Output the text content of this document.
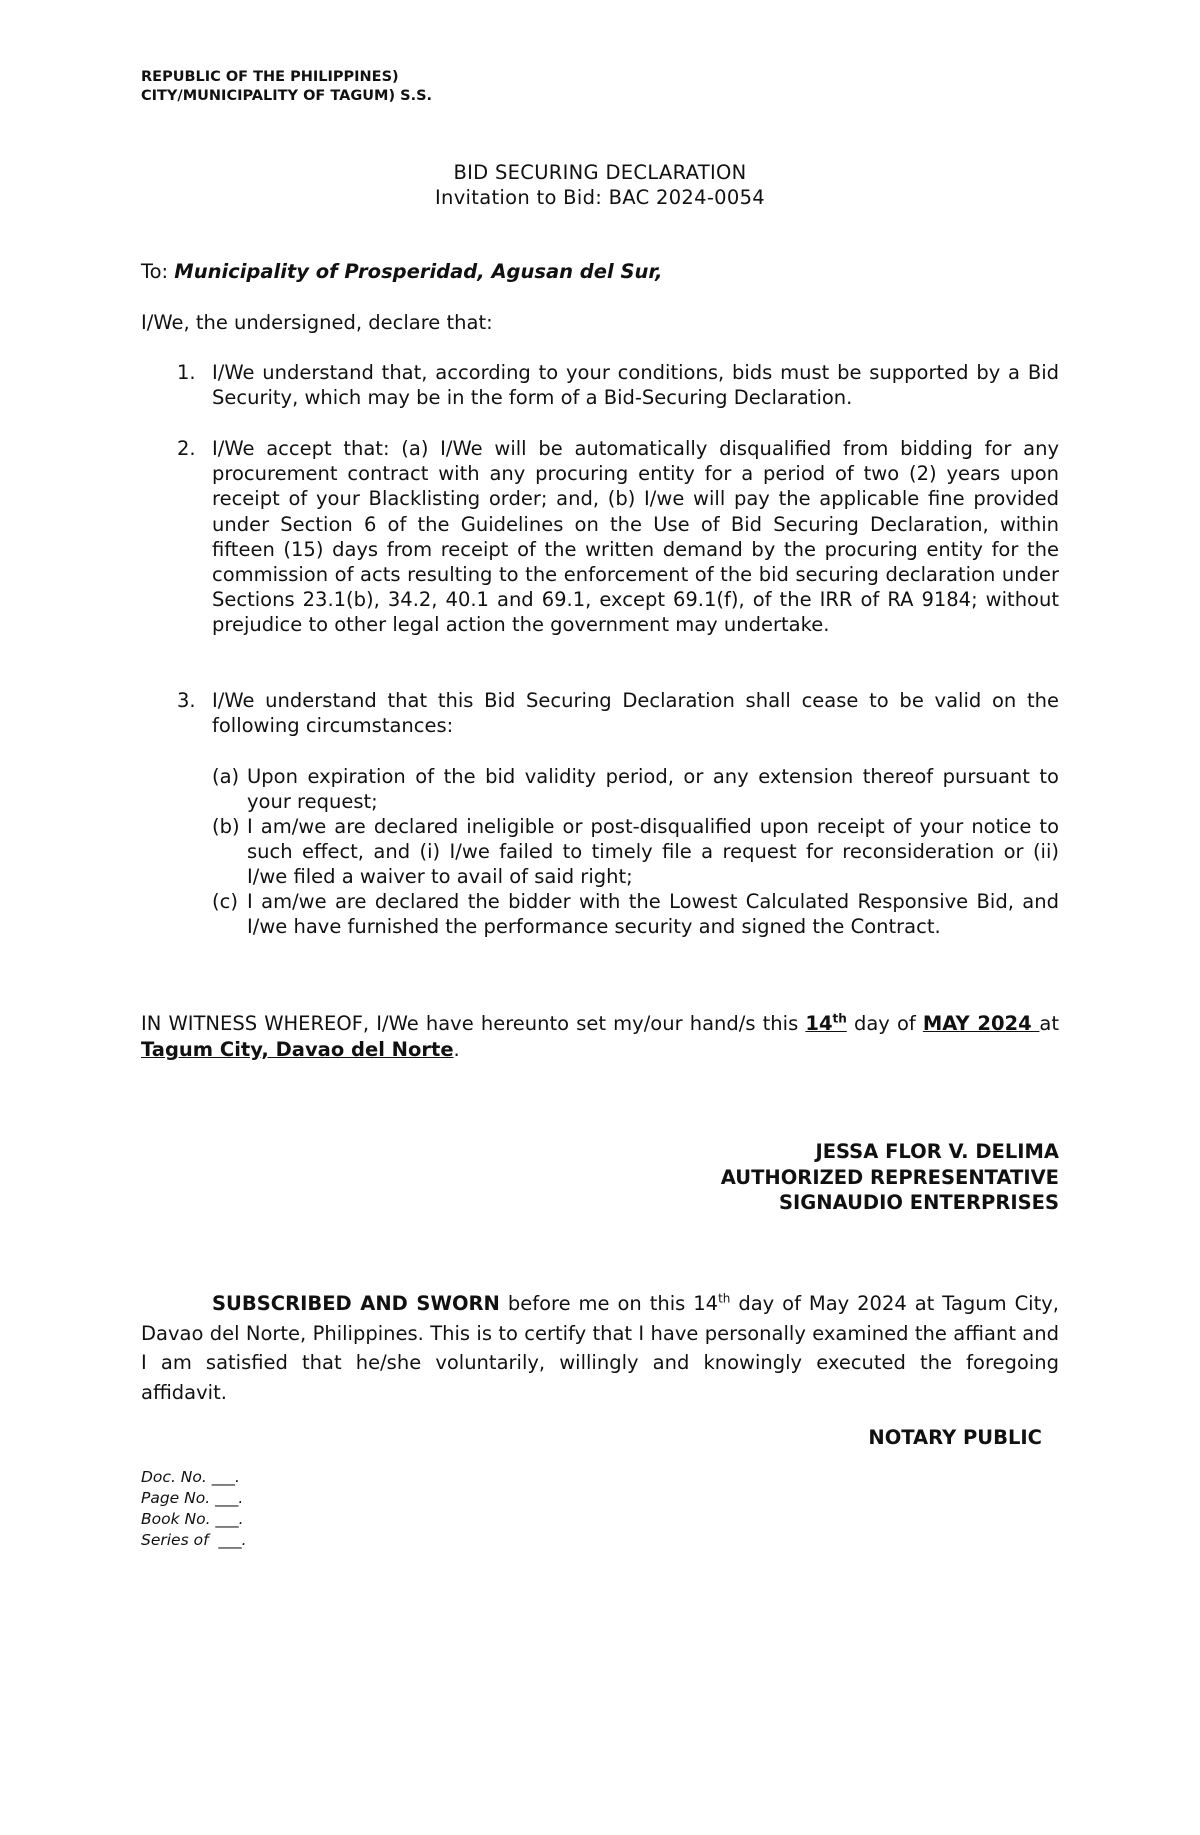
REPUBLIC OF THE PHILIPPINES)
CITY/MUNICIPALITY OF TAGUM) S.S.
BID SECURING DECLARATION
Invitation to Bid: BAC 2024-0054
To: Municipality of Prosperidad, Agusan del Sur,
I/We, the undersigned, declare that:
1. I/We understand that, according to your conditions, bids must be supported by a Bid Security, which may be in the form of a Bid-Securing Declaration.
2. I/We accept that: (a) I/We will be automatically disqualified from bidding for any procurement contract with any procuring entity for a period of two (2) years upon receipt of your Blacklisting order; and, (b) I/we will pay the applicable fine provided under Section 6 of the Guidelines on the Use of Bid Securing Declaration, within fifteen (15) days from receipt of the written demand by the procuring entity for the commission of acts resulting to the enforcement of the bid securing declaration under Sections 23.1(b), 34.2, 40.1 and 69.1, except 69.1(f), of the IRR of RA 9184; without prejudice to other legal action the government may undertake.
3. I/We understand that this Bid Securing Declaration shall cease to be valid on the following circumstances:
(a) Upon expiration of the bid validity period, or any extension thereof pursuant to your request;
(b) I am/we are declared ineligible or post-disqualified upon receipt of your notice to such effect, and (i) I/we failed to timely file a request for reconsideration or (ii) I/we filed a waiver to avail of said right;
(c) I am/we are declared the bidder with the Lowest Calculated Responsive Bid, and I/we have furnished the performance security and signed the Contract.
IN WITNESS WHEREOF, I/We have hereunto set my/our hand/s this 14th day of MAY 2024 at Tagum City, Davao del Norte.
JESSA FLOR V. DELIMA
AUTHORIZED REPRESENTATIVE
SIGNAUDIO ENTERPRISES
SUBSCRIBED AND SWORN before me on this 14th day of May 2024 at Tagum City, Davao del Norte, Philippines. This is to certify that I have personally examined the affiant and I am satisfied that he/she voluntarily, willingly and knowingly executed the foregoing affidavit.
NOTARY PUBLIC
Doc. No. ___.
Page No. ___.
Book No. ___.
Series of  ___.
